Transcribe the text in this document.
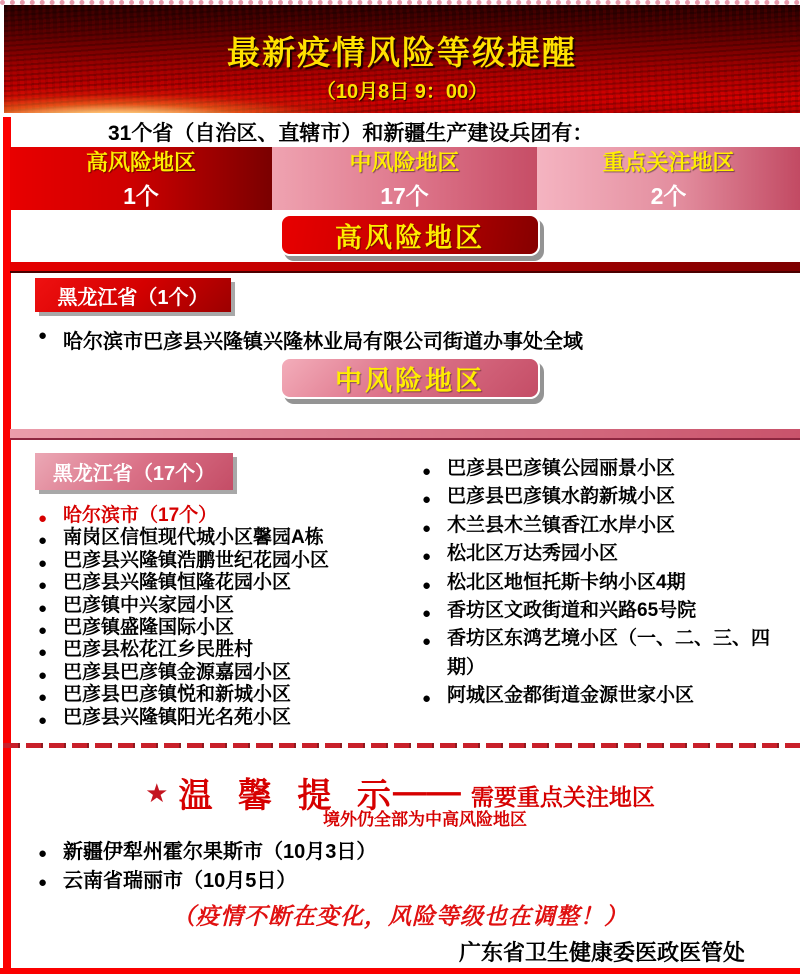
最新疫情风险等级提醒
（10月8日 9：00）
31个省（自治区、直辖市）和新疆生产建设兵团有：
高风险地区
1个
中风险地区
17个
重点关注地区
2个
高风险地区
黑龙江省（1个）
● 哈尔滨市巴彦县兴隆镇兴隆林业局有限公司街道办事处全域
中风险地区
黑龙江省（17个）
● 哈尔滨市（17个）
● 南岗区信恒现代城小区馨园A栋
● 巴彦县兴隆镇浩鹏世纪花园小区
● 巴彦县兴隆镇恒隆花园小区
● 巴彦镇中兴家园小区
● 巴彦镇盛隆国际小区
● 巴彦县松花江乡民胜村
● 巴彦县巴彦镇金源嘉园小区
● 巴彦县巴彦镇悦和新城小区
● 巴彦县兴隆镇阳光名苑小区
● 巴彦县巴彦镇公园丽景小区
● 巴彦县巴彦镇水韵新城小区
● 木兰县木兰镇香江水岸小区
● 松北区万达秀园小区
● 松北区地恒托斯卡纳小区4期
● 香坊区文政街道和兴路65号院
● 香坊区东鸿艺境小区（一、二、三、四期）
● 阿城区金都街道金源世家小区
★ 温 馨 提 示
—— 需要重点关注地区
境外仍全部为中高风险地区
● 新疆伊犁州霍尔果斯市（10月3日）
● 云南省瑞丽市（10月5日）
（疫情不断在变化，风险等级也在调整！）
广东省卫生健康委医政医管处
